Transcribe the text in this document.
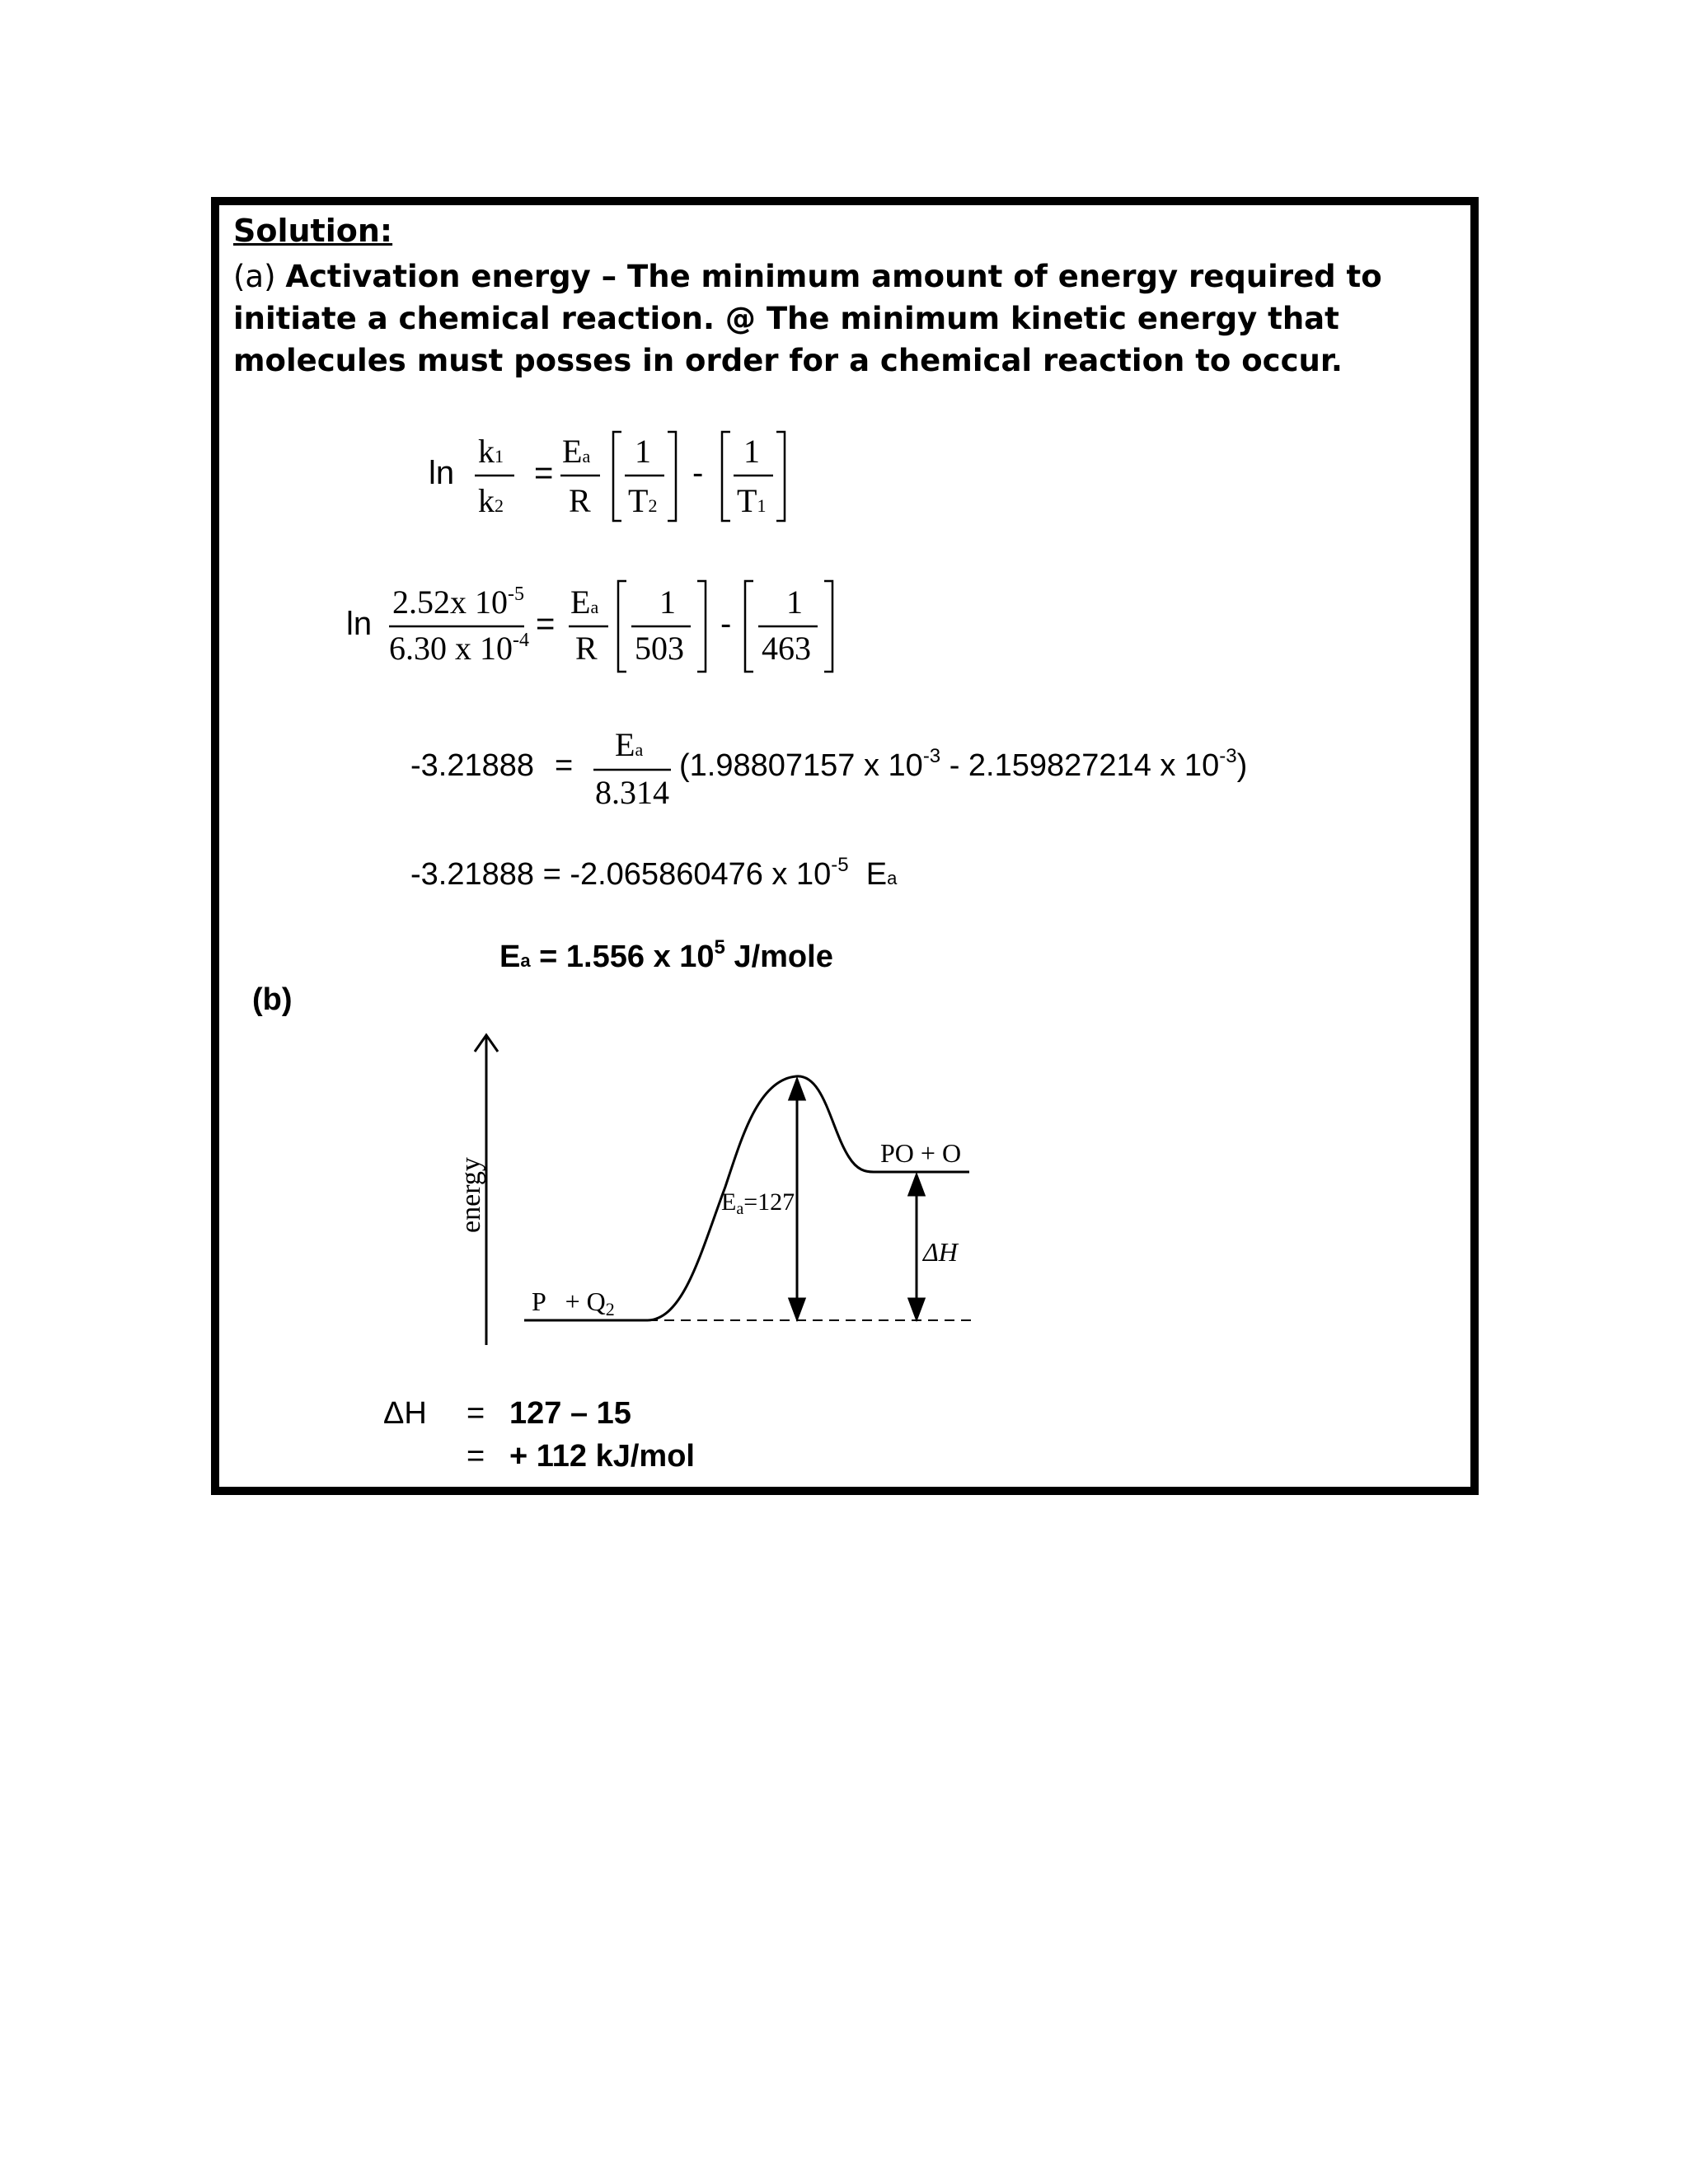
Solution:
(a) Activation energy – The minimum amount of energy required to initiate a chemical reaction. @ The minimum kinetic energy that molecules must posses in order for a chemical reaction to occur.
ln
k1
k2
=
Ea
R
1
T2
-
1
T1
ln
2.52x $10^{-5}$
6.30 x $10^{-4}$ =
Ea
R
1
503
-
1
463
-3.21888 =
Ea
8.314
(1.98807157 x $10^{-3} - 2.159827214$ x $10^{-3}$)
-3.21888 = -2.065860476 x $10^{-5}$ Ea
Ea = 1.556 x $10^5$ J/mole
(b)
energy
P   + Q2
PO + O
Ea=127
ΔH
ΔH = 127 – 15
= + 112 kJ/mol
